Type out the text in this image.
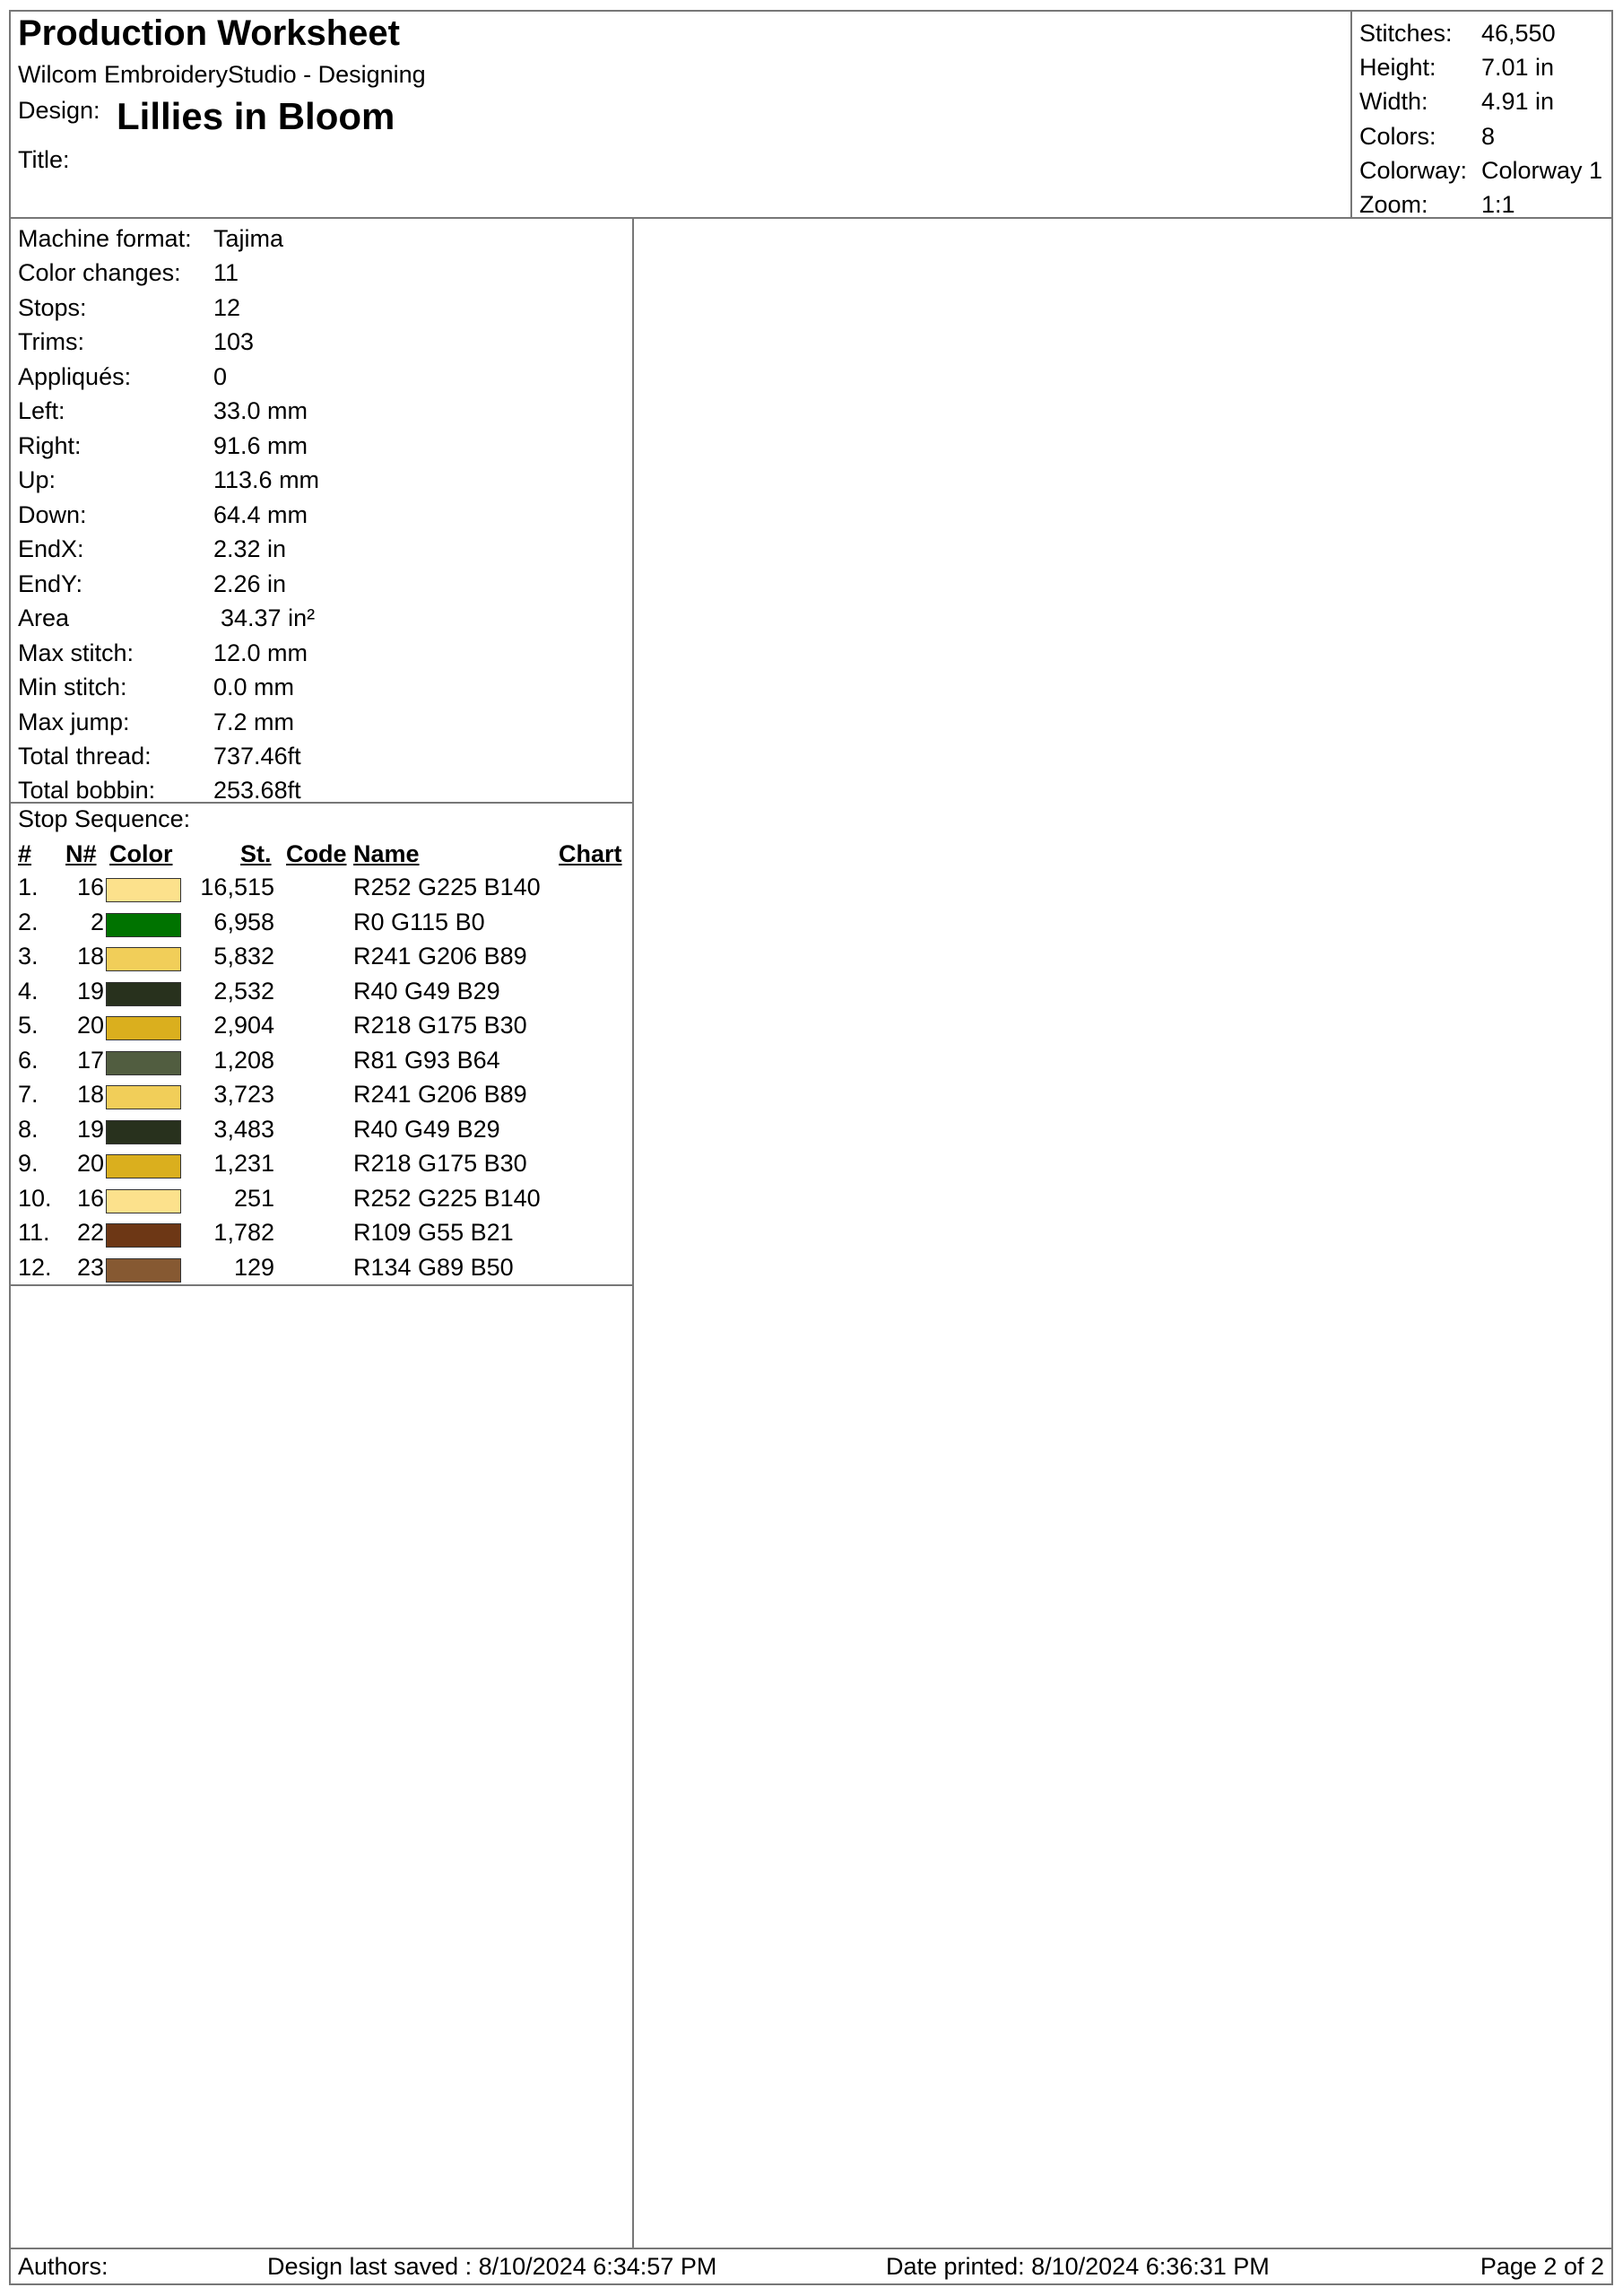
Production Worksheet
Wilcom EmbroideryStudio - Designing
Design: Lillies in Bloom
Title:
Stitches: 46,550
Height: 7.01 in
Width: 4.91 in
Colors: 8
Colorway: Colorway 1
Zoom: 1:1
Machine format: Tajima
Color changes: 11
Stops:	12
Trims:	103
Appliqués:	0
Left:	33.0 mm
Right:	91.6 mm
Up:	113.6 mm
Down:	64.4 mm
EndX:	2.32 in
EndY:	2.26 in
Area	34.37 in²
Max stitch:	12.0 mm
Min stitch:	0.0 mm
Max jump:	7.2 mm
Total thread:	737.46ft
Total bobbin: 253.68ft
Stop Sequence:
# N# Color	St. Code Name	Chart
1.	16	16,515	R252 G225 B140
2.	2	6,958	R0 G115 B0
3.	18	5,832	R241 G206 B89
4.	19	2,532	R40 G49 B29
5.	20	2,904	R218 G175 B30
6.	17	1,208	R81 G93 B64
7.	18	3,723	R241 G206 B89
8.	19	3,483	R40 G49 B29
9.	20	1,231	R218 G175 B30
10.	16	251	R252 G225 B140
11.	22	1,782	R109 G55 B21
12.	23	129	R134 G89 B50
Authors:	Design last saved : 8/10/2024 6:34:57 PM	Date printed: 8/10/2024 6:36:31 PM	Page 2 of 2
